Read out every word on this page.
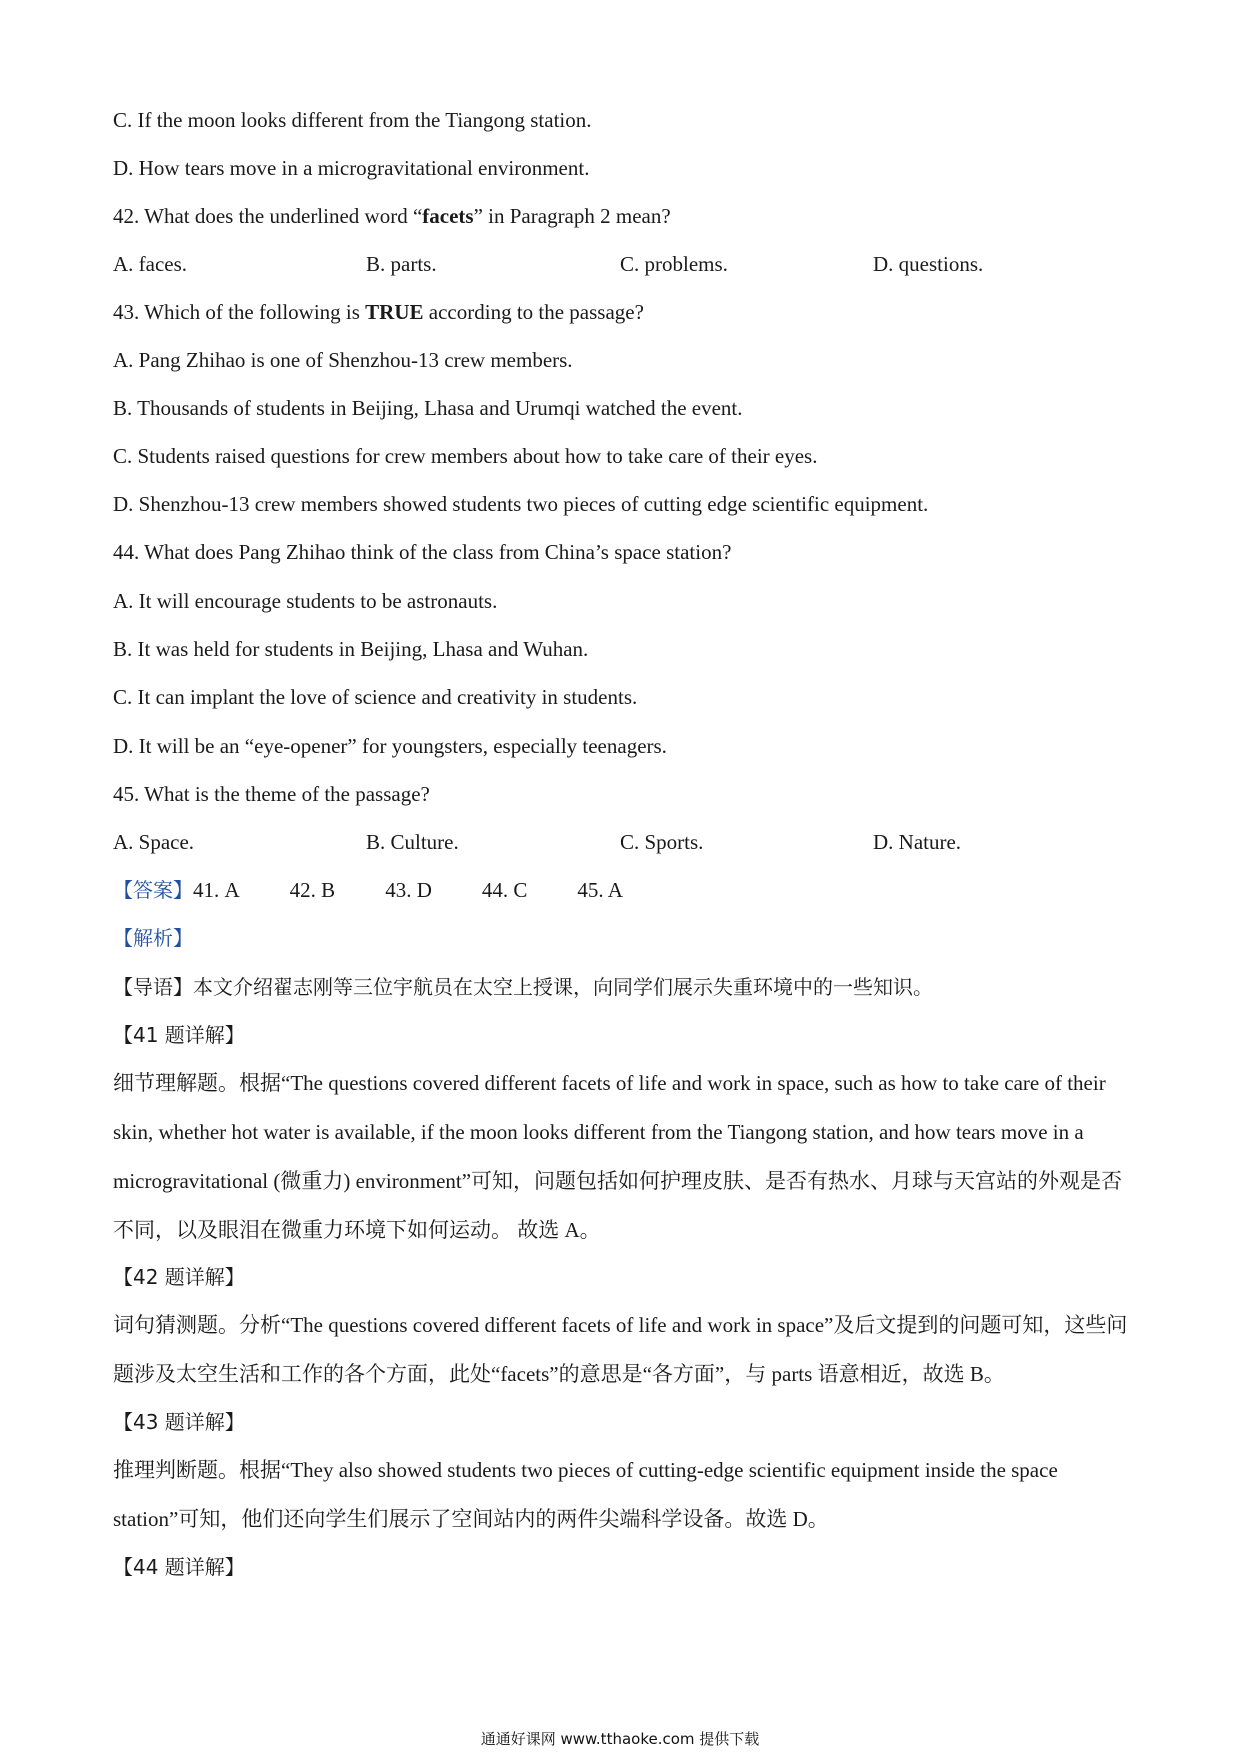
C. If the moon looks different from the Tiangong station.
D. How tears move in a microgravitational environment.
42. What does the underlined word “facets” in Paragraph 2 mean?
A. faces.	B. parts.	C. problems.	D. questions.
43. Which of the following is TRUE according to the passage?
A. Pang Zhihao is one of Shenzhou-13 crew members.
B. Thousands of students in Beijing, Lhasa and Urumqi watched the event.
C. Students raised questions for crew members about how to take care of their eyes.
D. Shenzhou-13 crew members showed students two pieces of cutting edge scientific equipment.
44. What does Pang Zhihao think of the class from China’s space station?
A. It will encourage students to be astronauts.
B. It was held for students in Beijing, Lhasa and Wuhan.
C. It can implant the love of science and creativity in students.
D. It will be an “eye-opener” for youngsters, especially teenagers.
45. What is the theme of the passage?
A. Space.	B. Culture.	C. Sports.	D. Nature.
【答案】41. A 42. B 43. D 44. C 45. A
【解析】
【导语】本文介绍翟志刚等三位宇航员在太空上授课，向同学们展示失重环境中的一些知识。
【41 题详解】
细节理解题。根据“The questions covered different facets of life and work in space, such as how to take care of their skin, whether hot water is available, if the moon looks different from the Tiangong station, and how tears move in a microgravitational (微重力) environment”可知，问题包括如何护理皮肤、是否有热水、月球与天宫站的外观是否不同，以及眼泪在微重力环境下如何运动。 故选 A。
【42 题详解】
词句猜测题。分析“The questions covered different facets of life and work in space”及后文提到的问题可知，这些问题涉及太空生活和工作的各个方面，此处“facets”的意思是“各方面”，与 parts 语意相近，故选 B。
【43 题详解】
推理判断题。根据“They also showed students two pieces of cutting-edge scientific equipment inside the space station”可知，他们还向学生们展示了空间站内的两件尖端科学设备。故选 D。
【44 题详解】
通通好课网 www.tthaoke.com 提供下载
